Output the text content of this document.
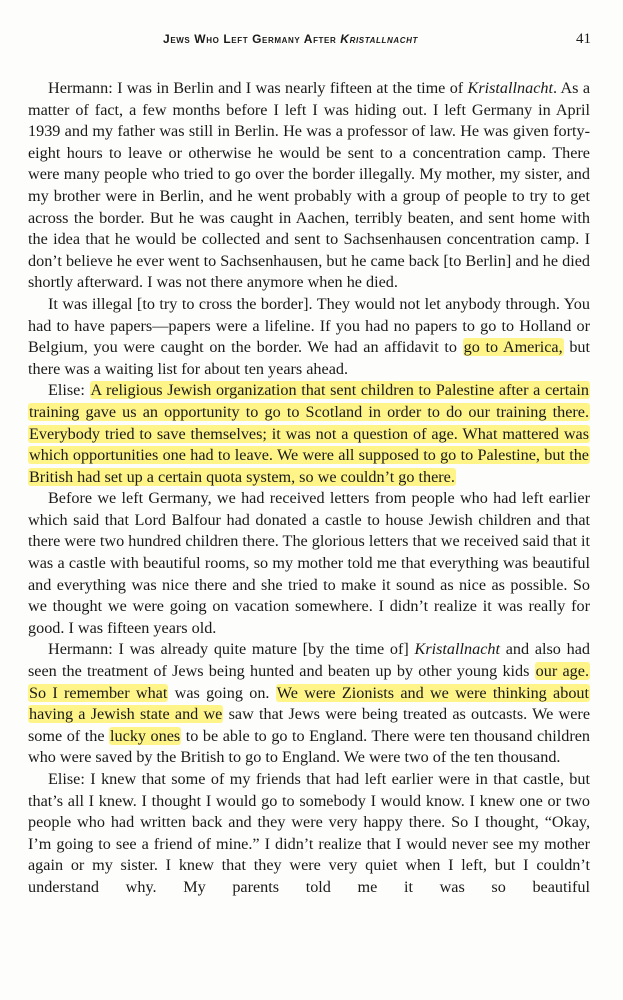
Jews Who Left Germany After Kristallnacht	41

Hermann: I was in Berlin and I was nearly fifteen at the time of Kristallnacht. As a matter of fact, a few months before I left I was hiding out. I left Germany in April 1939 and my father was still in Berlin. He was a professor of law. He was given forty-eight hours to leave or otherwise he would be sent to a concentration camp. There were many people who tried to go over the border illegally. My mother, my sister, and my brother were in Berlin, and he went probably with a group of people to try to get across the border. But he was caught in Aachen, terribly beaten, and sent home with the idea that he would be collected and sent to Sachsenhausen concentration camp. I don’t believe he ever went to Sachsenhausen, but he came back [to Berlin] and he died shortly afterward. I was not there anymore when he died.

It was illegal [to try to cross the border]. They would not let anybody through. You had to have papers—papers were a lifeline. If you had no papers to go to Holland or Belgium, you were caught on the border. We had an affidavit to go to America, but there was a waiting list for about ten years ahead.

Elise: A religious Jewish organization that sent children to Palestine after a certain training gave us an opportunity to go to Scotland in order to do our training there. Everybody tried to save themselves; it was not a question of age. What mattered was which opportunities one had to leave. We were all supposed to go to Palestine, but the British had set up a certain quota system, so we couldn’t go there.

Before we left Germany, we had received letters from people who had left earlier which said that Lord Balfour had donated a castle to house Jewish children and that there were two hundred children there. The glorious letters that we received said that it was a castle with beautiful rooms, so my mother told me that everything was beautiful and everything was nice there and she tried to make it sound as nice as possible. So we thought we were going on vacation somewhere. I didn’t realize it was really for good. I was fifteen years old.

Hermann: I was already quite mature [by the time of] Kristallnacht and also had seen the treatment of Jews being hunted and beaten up by other young kids our age. So I remember what was going on. We were Zionists and we were thinking about having a Jewish state and we saw that Jews were being treated as outcasts. We were some of the lucky ones to be able to go to England. There were ten thousand children who were saved by the British to go to England. We were two of the ten thousand.

Elise: I knew that some of my friends that had left earlier were in that castle, but that’s all I knew. I thought I would go to somebody I would know. I knew one or two people who had written back and they were very happy there. So I thought, “Okay, I’m going to see a friend of mine.” I didn’t realize that I would never see my mother again or my sister. I knew that they were very quiet when I left, but I couldn’t understand why. My parents told me it was so beautiful
